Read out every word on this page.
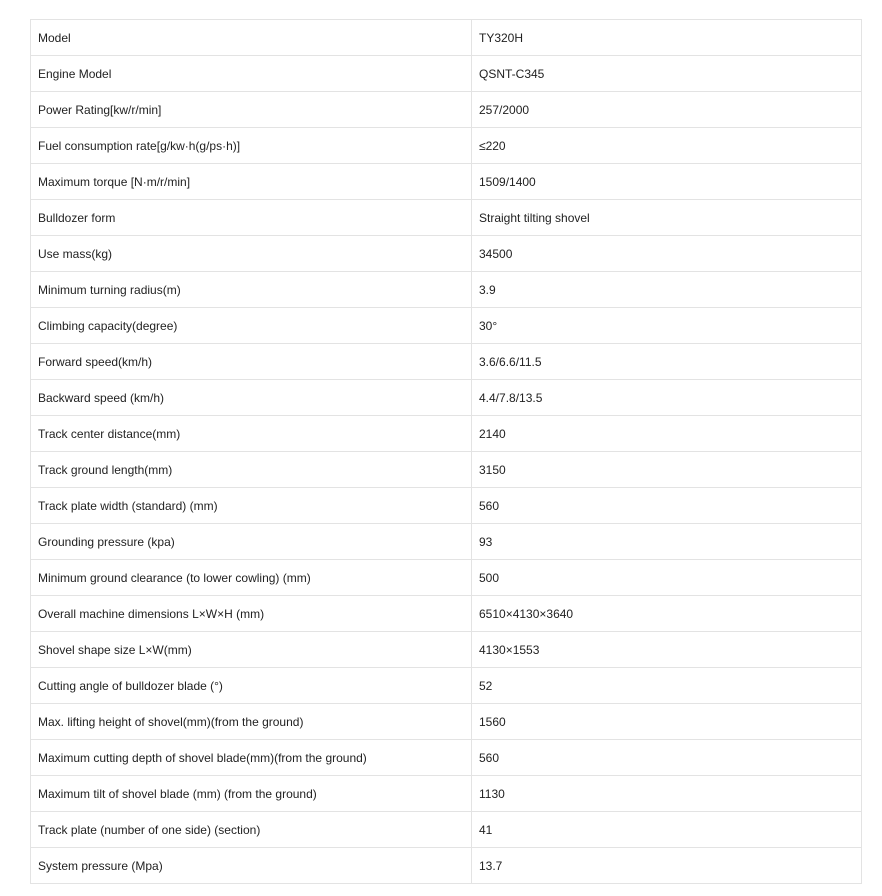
Model	TY320H
Engine Model	QSNT-C345
Power Rating[kw/r/min]	257/2000
Fuel consumption rate[g/kw·h(g/ps·h)]	≤220
Maximum torque [N·m/r/min]	1509/1400
Bulldozer form	Straight tilting shovel
Use mass(kg)	34500
Minimum turning radius(m)	3.9
Climbing capacity(degree)	30°
Forward speed(km/h)	3.6/6.6/11.5
Backward speed (km/h)	4.4/7.8/13.5
Track center distance(mm)	2140
Track ground length(mm)	3150
Track plate width (standard) (mm)	560
Grounding pressure (kpa)	93
Minimum ground clearance (to lower cowling) (mm)	500
Overall machine dimensions L×W×H (mm)	6510×4130×3640
Shovel shape size L×W(mm)	4130×1553
Cutting angle of bulldozer blade (°)	52
Max. lifting height of shovel(mm)(from the ground)	1560
Maximum cutting depth of shovel blade(mm)(from the ground)	560
Maximum tilt of shovel blade (mm) (from the ground)	1130
Track plate (number of one side) (section)	41
System pressure (Mpa)	13.7
